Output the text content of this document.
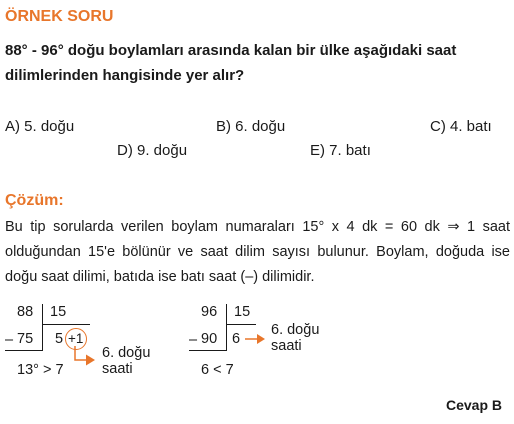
ÖRNEK SORU
88° - 96° doğu boylamları arasında kalan bir ülke aşağıdaki saat dilimlerinden hangisinde yer alır?
A) 5. doğu	B) 6. doğu	C) 4. batı
D) 9. doğu	E) 7. batı
Çözüm:
Bu tip sorularda verilen boylam numaraları 15° x 4 dk = 60 dk ⇒ 1 saat olduğundan 15'e bölünür ve saat dilim sayısı bulunur. Boylam, doğuda ise doğu saat dilimi, batıda ise batı saat (–) dilimidir.
88 15
– 75 5 +1
13° > 7
6. doğu
saati
96 15
– 90 6
6. doğu
saati
6 < 7
Cevap B
